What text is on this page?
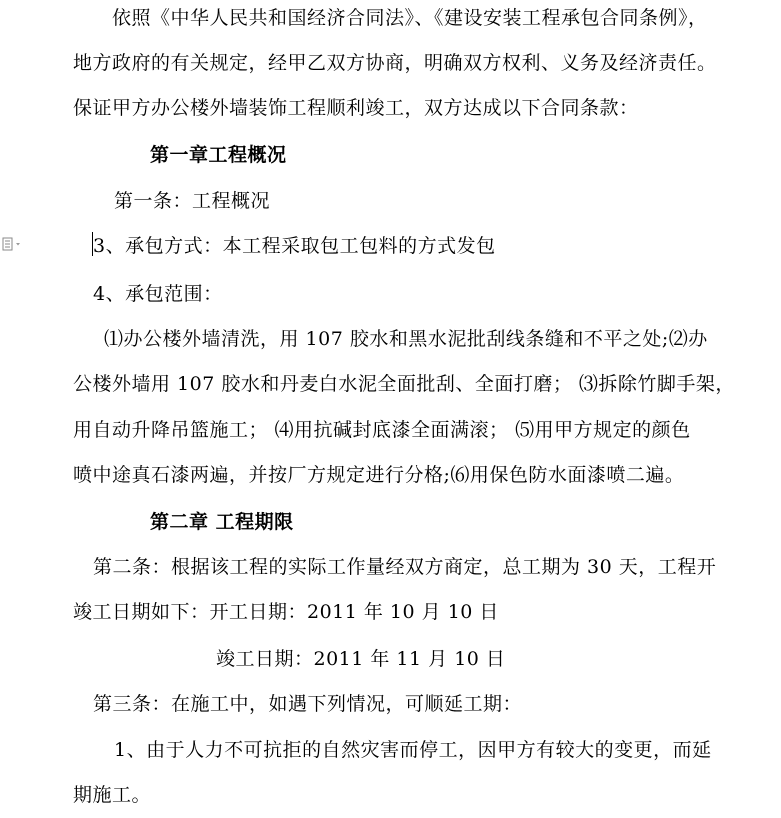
依照《中华人民共和国经济合同法》、《建设安装工程承包合同条例》，
地方政府的有关规定，经甲乙双方协商，明确双方权利、义务及经济责任。
保证甲方办公楼外墙装饰工程顺利竣工，双方达成以下合同条款：
第一章工程概况
第一条：工程概况
3、承包方式：本工程采取包工包料的方式发包
4、承包范围：
⑴办公楼外墙清洗，用 107 胶水和黑水泥批刮线条缝和不平之处;⑵办
公楼外墙用 107 胶水和丹麦白水泥全面批刮、全面打磨； ⑶拆除竹脚手架，
用自动升降吊篮施工； ⑷用抗碱封底漆全面满滚； ⑸用甲方规定的颜色
喷中途真石漆两遍，并按厂方规定进行分格;⑹用保色防水面漆喷二遍。
第二章 工程期限
第二条：根据该工程的实际工作量经双方商定，总工期为 30 天，工程开
竣工日期如下：开工日期：2011 年 10 月 10 日
竣工日期：2011 年 11 月 10 日
第三条：在施工中，如遇下列情况，可顺延工期：
1、由于人力不可抗拒的自然灾害而停工，因甲方有较大的变更，而延
期施工。
